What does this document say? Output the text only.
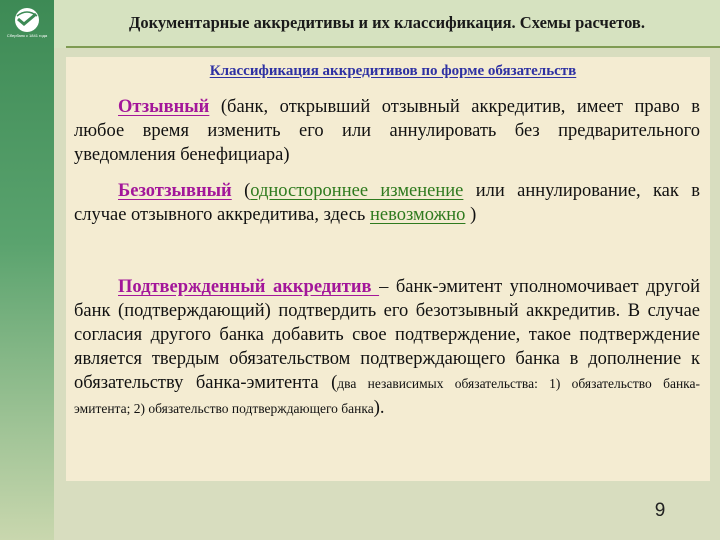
Сбербанк с 1841 года
Документарные аккредитивы и их классификация. Схемы расчетов.
Классификация аккредитивов по форме обязательств
Отзывный (банк, открывший отзывный аккредитив, имеет право в любое время изменить его или аннулировать без предварительного уведомления бенефициара)
Безотзывный (одностороннее изменение или аннулирование, как в случае отзывного аккредитива, здесь невозможно )
Подтвержденный аккредитив – банк-эмитент уполномочивает другой банк (подтверждающий) подтвердить его безотзывный аккредитив. В случае согласия другого банка добавить свое подтверждение, такое подтверждение является твердым обязательством подтверждающего банка в дополнение к обязательству банка-эмитента (два независимых обязательства: 1) обязательство банка-эмитента; 2) обязательство подтверждающего банка).
9
